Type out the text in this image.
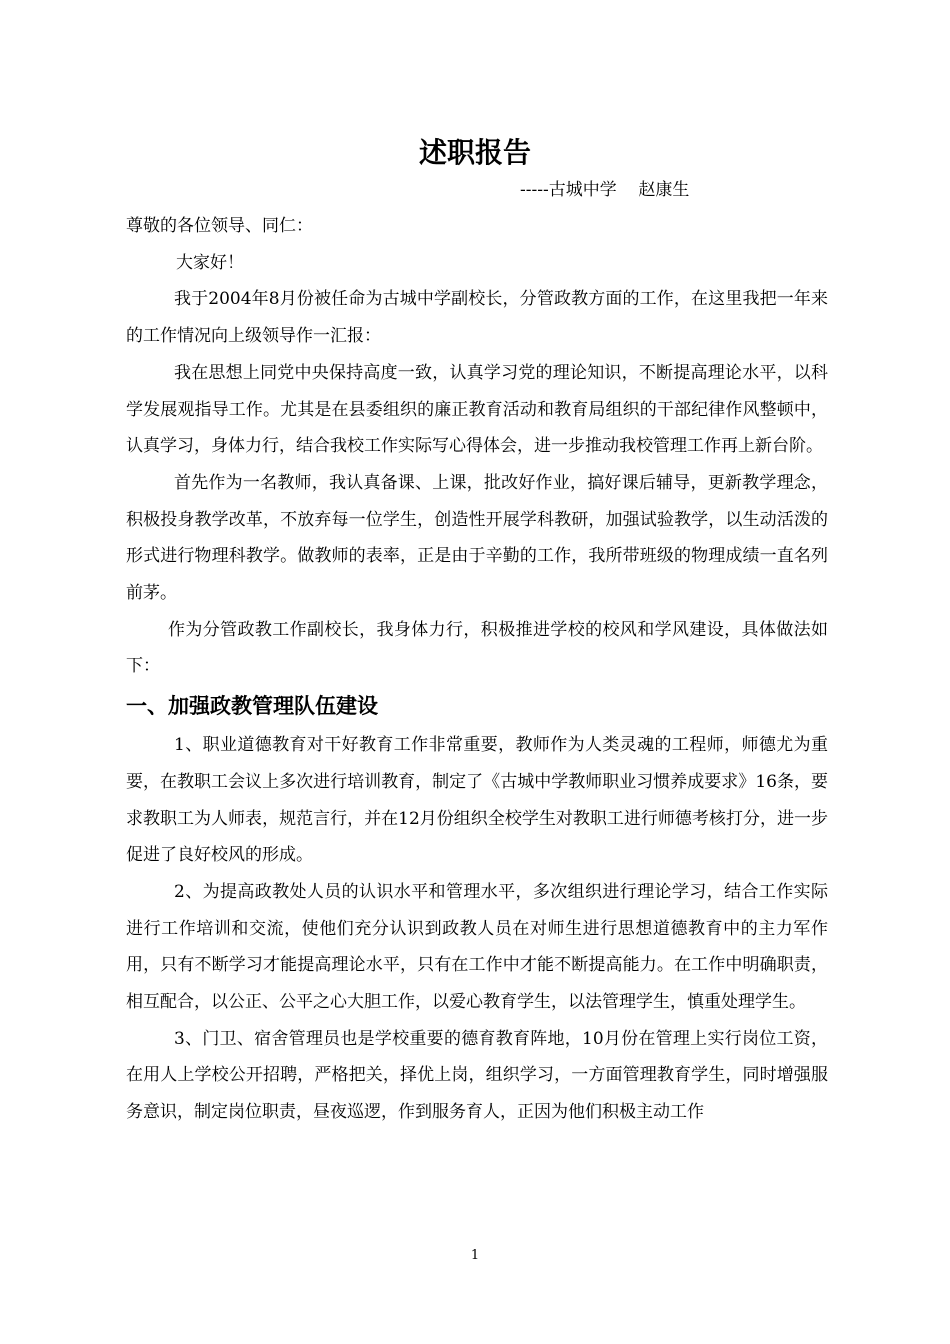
述职报告
-----古城中学    赵康生

尊敬的各位领导、同仁：

大家好！

我于2004年8月份被任命为古城中学副校长，分管政教方面的工作，在这里我把一年来的工作情况向上级领导作一汇报：

我在思想上同党中央保持高度一致，认真学习党的理论知识，不断提高理论水平，以科学发展观指导工作。尤其是在县委组织的廉正教育活动和教育局组织的干部纪律作风整顿中，认真学习，身体力行，结合我校工作实际写心得体会，进一步推动我校管理工作再上新台阶。

首先作为一名教师，我认真备课、上课，批改好作业，搞好课后辅导，更新教学理念，积极投身教学改革，不放弃每一位学生，创造性开展学科教研，加强试验教学，以生动活泼的形式进行物理科教学。做教师的表率，正是由于辛勤的工作，我所带班级的物理成绩一直名列前茅。

作为分管政教工作副校长，我身体力行，积极推进学校的校风和学风建设，具体做法如下：

一、加强政教管理队伍建设

1、职业道德教育对干好教育工作非常重要，教师作为人类灵魂的工程师，师德尤为重要，在教职工会议上多次进行培训教育，制定了《古城中学教师职业习惯养成要求》16条，要求教职工为人师表，规范言行，并在12月份组织全校学生对教职工进行师德考核打分，进一步促进了良好校风的形成。

2、为提高政教处人员的认识水平和管理水平，多次组织进行理论学习，结合工作实际进行工作培训和交流，使他们充分认识到政教人员在对师生进行思想道德教育中的主力军作用，只有不断学习才能提高理论水平，只有在工作中才能不断提高能力。在工作中明确职责，相互配合，以公正、公平之心大胆工作，以爱心教育学生，以法管理学生，慎重处理学生。

3、门卫、宿舍管理员也是学校重要的德育教育阵地，10月份在管理上实行岗位工资，在用人上学校公开招聘，严格把关，择优上岗，组织学习，一方面管理教育学生，同时增强服务意识，制定岗位职责，昼夜巡逻，作到服务育人，正因为他们积极主动工作

1
